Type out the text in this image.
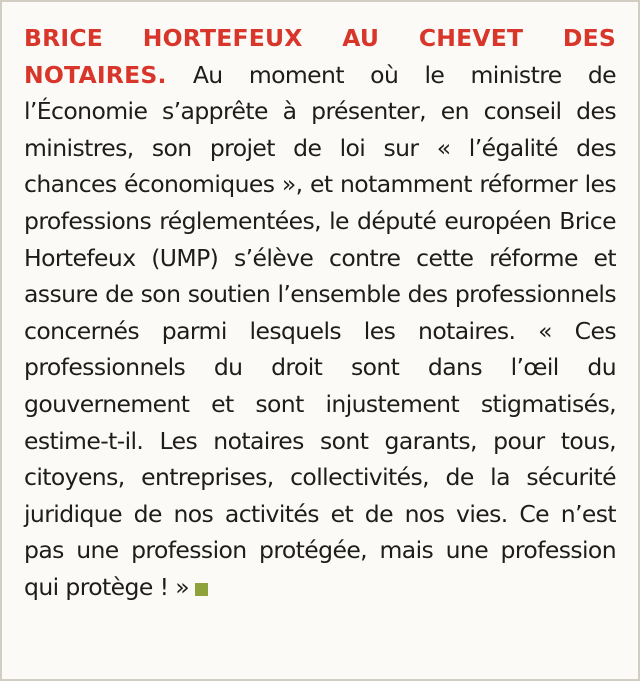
BRICE HORTEFEUX AU CHEVET DES NOTAIRES. Au moment où le ministre de l’Économie s’apprête à présenter, en conseil des ministres, son projet de loi sur « l’égalité des chances économiques », et notamment réformer les professions réglementées, le député européen Brice Hortefeux (UMP) s’élève contre cette réforme et assure de son soutien l’ensemble des professionnels concernés parmi lesquels les notaires. « Ces professionnels du droit sont dans l’œil du gouvernement et sont injustement stigmatisés, estime-t-il. Les notaires sont garants, pour tous, citoyens, entreprises, collectivités, de la sécurité juridique de nos activités et de nos vies. Ce n’est pas une profession protégée, mais une profession qui protège ! »
